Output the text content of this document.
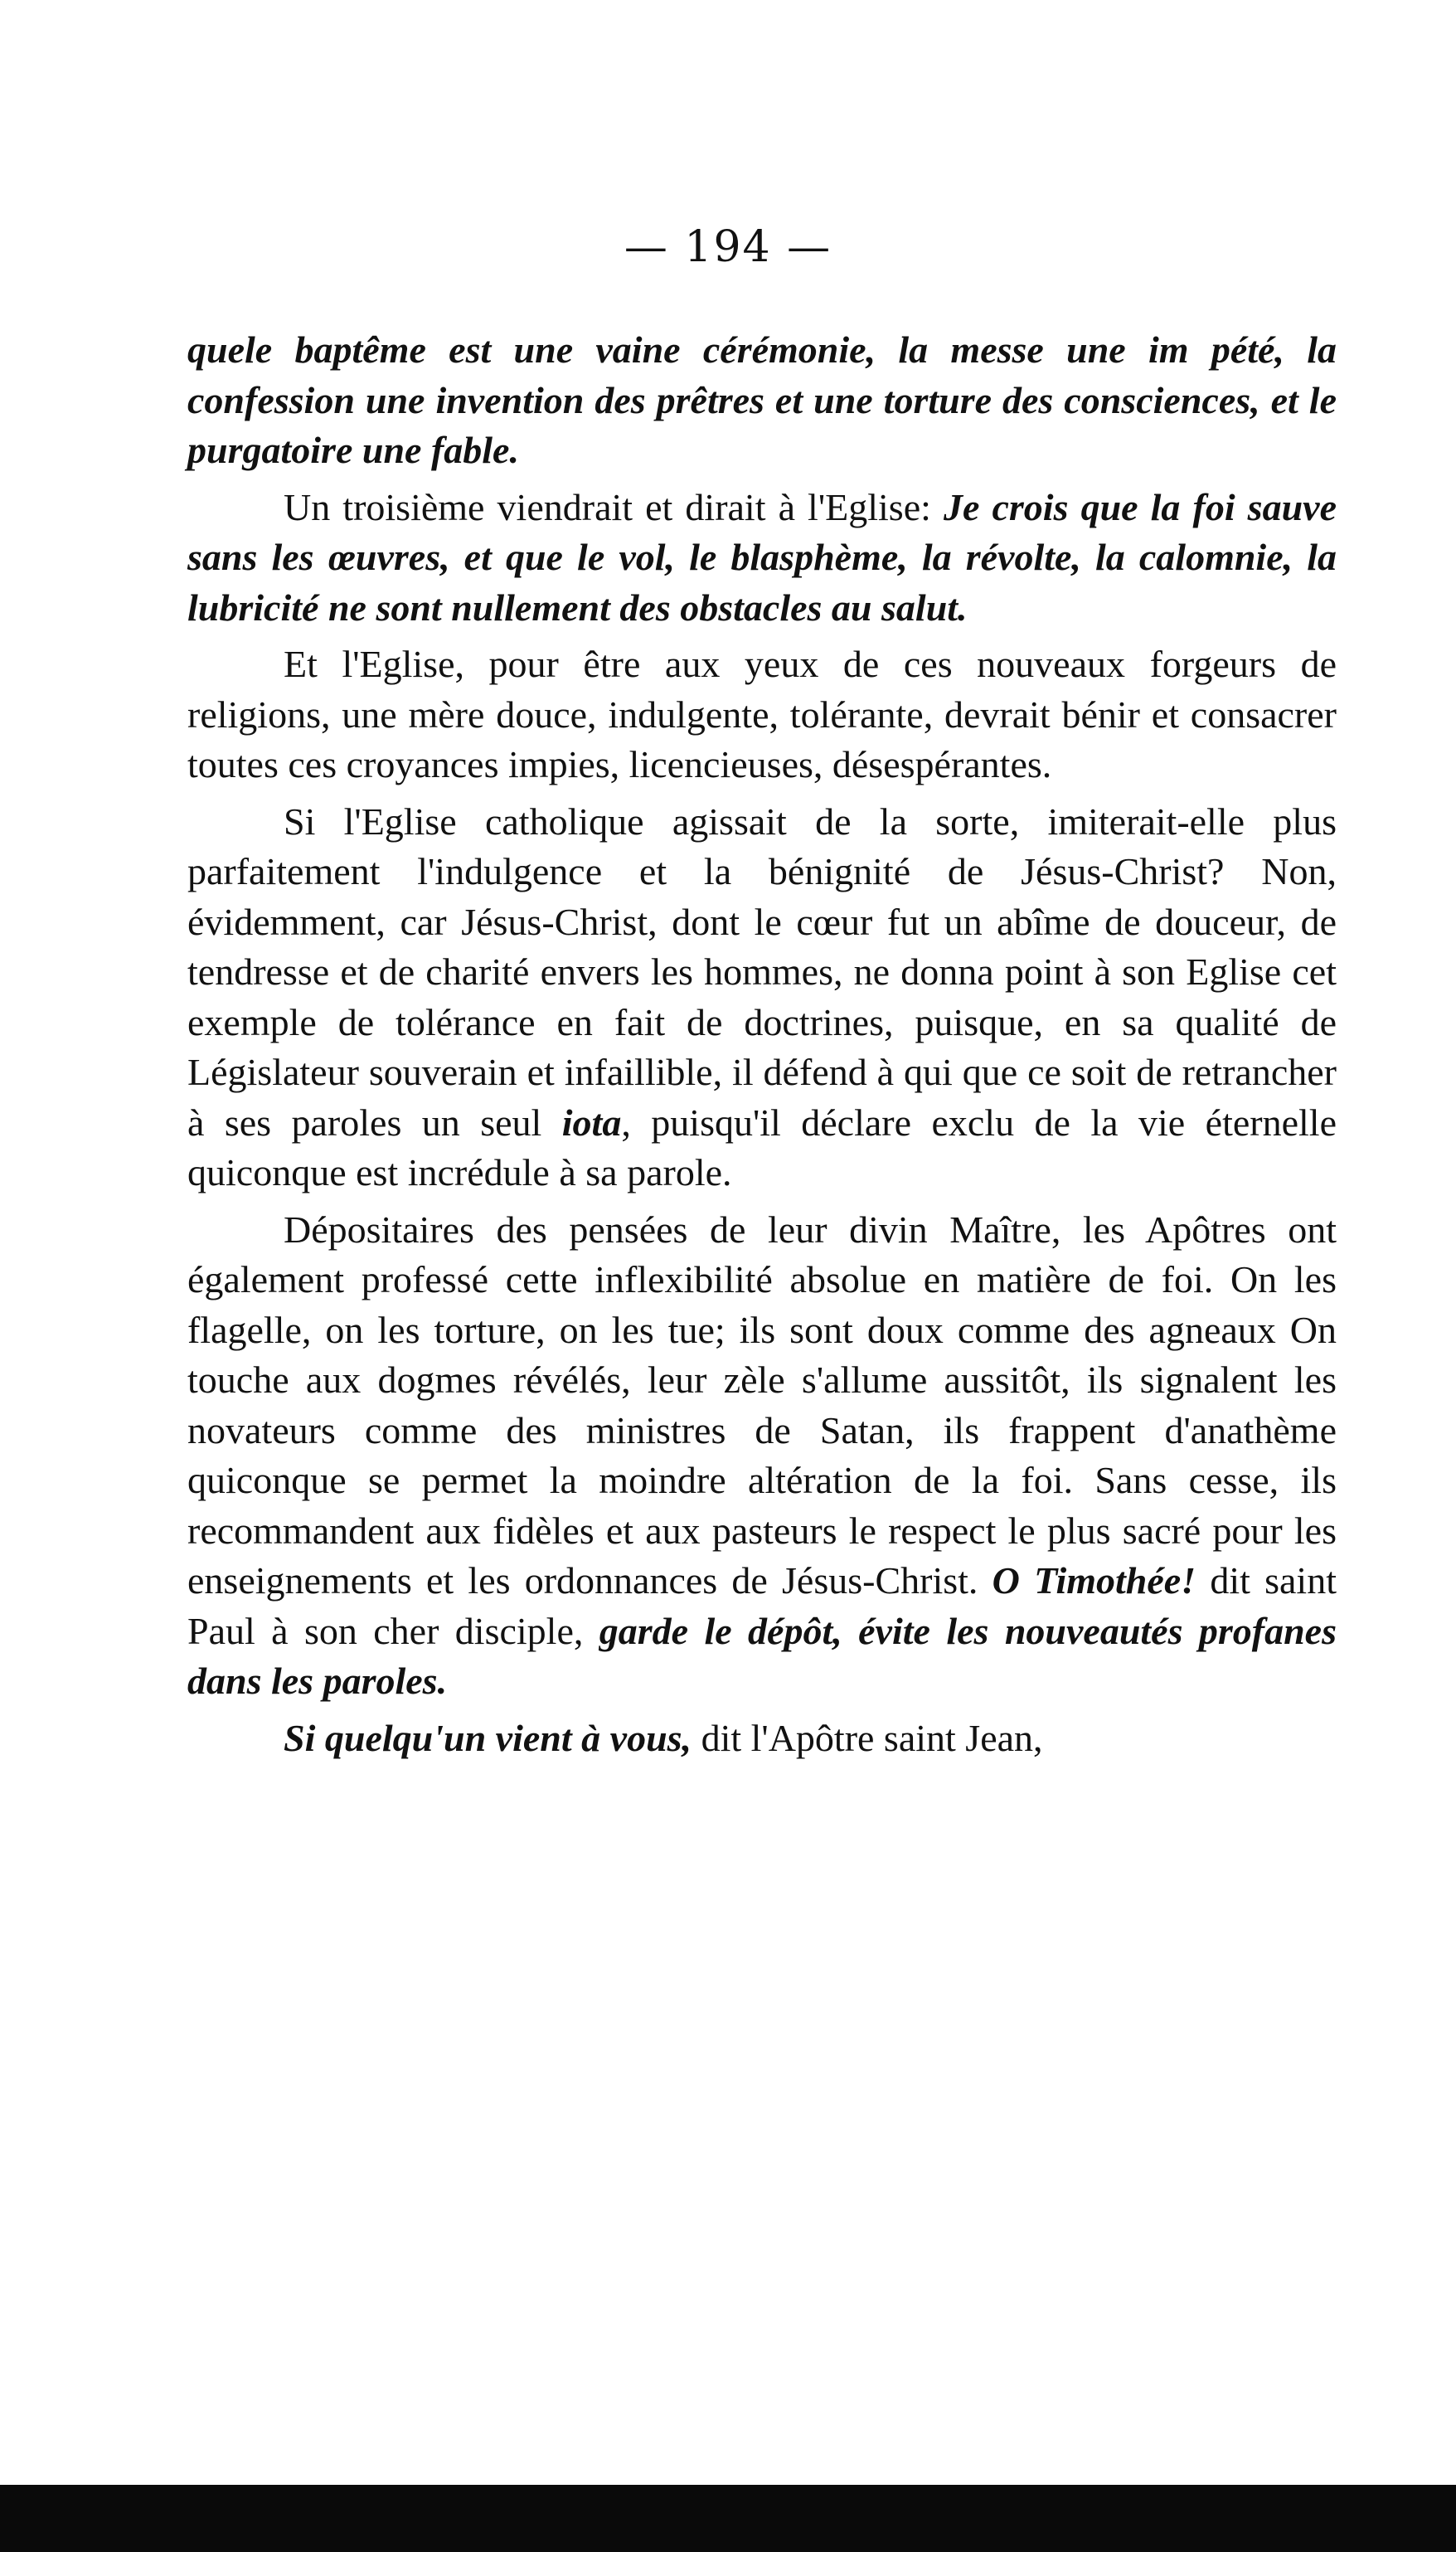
— 194 —

quele baptême est une vaine cérémonie, la messe une im pété, la confession une invention des prêtres et une torture des consciences, et le purgatoire une fable.

Un troisième viendrait et dirait à l'Eglise: Je crois que la foi sauve sans les œuvres, et que le vol, le blasphème, la révolte, la calomnie, la lubricité ne sont nullement des obstacles au salut.

Et l'Eglise, pour être aux yeux de ces nouveaux forgeurs de religions, une mère douce, indulgente, tolérante, devrait bénir et consacrer toutes ces croyances impies, licencieuses, désespérantes.

Si l'Eglise catholique agissait de la sorte, imiterait-elle plus parfaitement l'indulgence et la bénignité de Jésus-Christ? Non, évidemment, car Jésus-Christ, dont le cœur fut un abîme de douceur, de tendresse et de charité envers les hommes, ne donna point à son Eglise cet exemple de tolérance en fait de doctrines, puisque, en sa qualité de Législateur souverain et infaillible, il défend à qui que ce soit de retrancher à ses paroles un seul iota, puisqu'il déclare exclu de la vie éternelle quiconque est incrédule à sa parole.

Dépositaires des pensées de leur divin Maître, les Apôtres ont également professé cette inflexibilité absolue en matière de foi. On les flagelle, on les torture, on les tue; ils sont doux comme des agneaux On touche aux dogmes révélés, leur zèle s'allume aussitôt, ils signalent les novateurs comme des ministres de Satan, ils frappent d'anathème quiconque se permet la moindre altération de la foi. Sans cesse, ils recommandent aux fidèles et aux pasteurs le respect le plus sacré pour les enseignements et les ordonnances de Jésus-Christ. O Timothée! dit saint Paul à son cher disciple, garde le dépôt, évite les nouveautés profanes dans les paroles.

Si quelqu'un vient à vous, dit l'Apôtre saint Jean,
